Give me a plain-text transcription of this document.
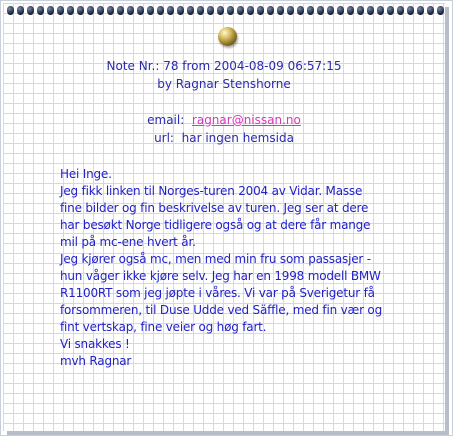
Note Nr.: 78 from 2004-08-09 06:57:15
by Ragnar Stenshorne
email: ragnar@nissan.no
url: har ingen hemsida
Hei Inge.
Jeg fikk linken til Norges-turen 2004 av Vidar. Masse
fine bilder og fin beskrivelse av turen. Jeg ser at dere
har besøkt Norge tidligere også og at dere får mange
mil på mc-ene hvert år.
Jeg kjører også mc, men med min fru som passasjer -
hun våger ikke kjøre selv. Jeg har en 1998 modell BMW
R1100RT som jeg jøpte i våres. Vi var på Sverigetur få
forsommeren, til Duse Udde ved Säffle, med fin vær og
fint vertskap, fine veier og høg fart.
Vi snakkes !
mvh Ragnar
